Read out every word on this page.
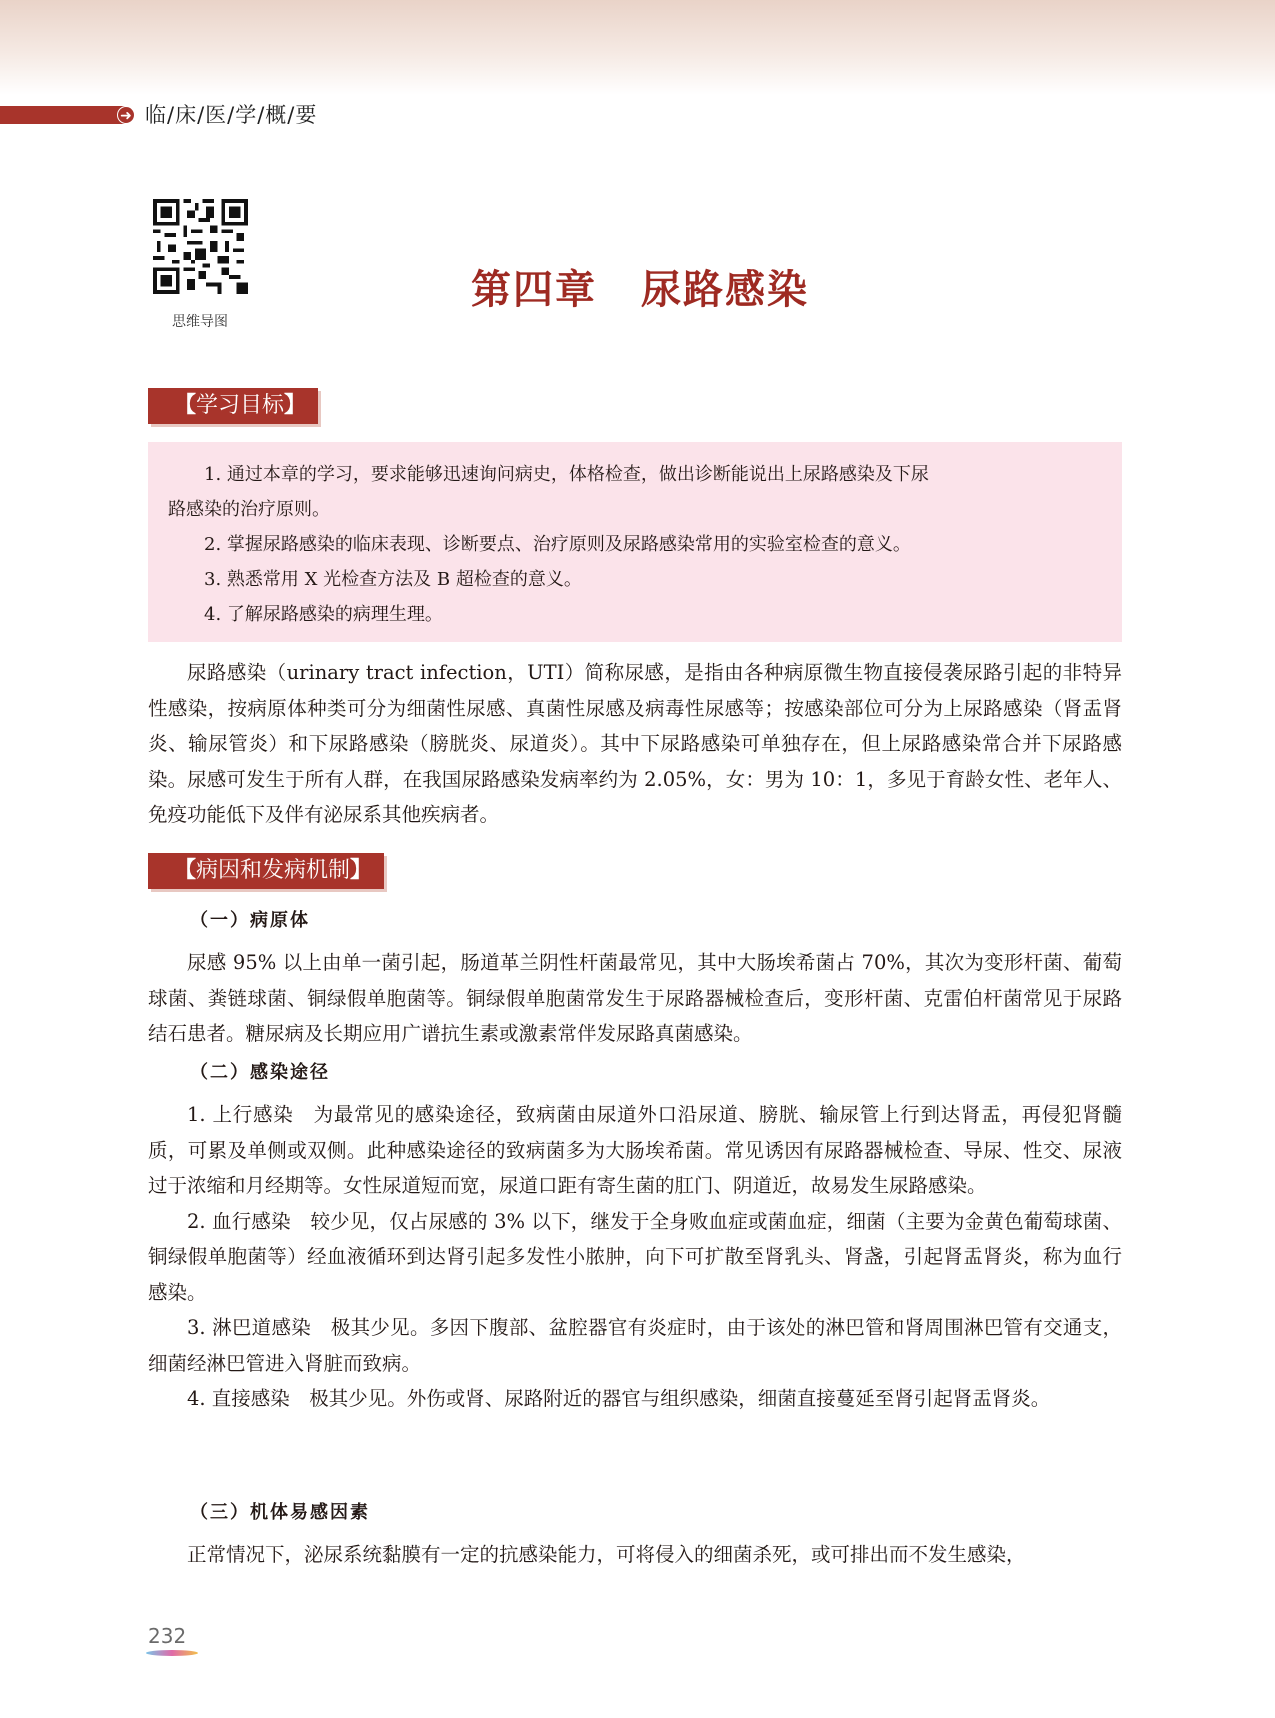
➜ 临/床/医/学/概/要
思维导图
第四章 尿路感染
【学习目标】

1. 通过本章的学习，要求能够迅速询问病史，体格检查，做出诊断能说出上尿路感染及下尿

路感染的治疗原则。

2. 掌握尿路感染的临床表现、诊断要点、治疗原则及尿路感染常用的实验室检查的意义。

3. 熟悉常用 X 光检查方法及 B 超检查的意义。

4. 了解尿路感染的病理生理。

尿路感染（urinary tract infection，UTI）简称尿感，是指由各种病原微生物直接侵袭尿路引起的非特异性感染，按病原体种类可分为细菌性尿感、真菌性尿感及病毒性尿感等；按感染部位可分为上尿路感染（肾盂肾炎、输尿管炎）和下尿路感染（膀胱炎、尿道炎）。其中下尿路感染可单独存在，但上尿路感染常合并下尿路感染。尿感可发生于所有人群，在我国尿路感染发病率约为 2.05%，女：男为 10：1，多见于育龄女性、老年人、免疫功能低下及伴有泌尿系其他疾病者。

【病因和发病机制】
（一）病原体

尿感 95% 以上由单一菌引起，肠道革兰阴性杆菌最常见，其中大肠埃希菌占 70%，其次为变形杆菌、葡萄球菌、粪链球菌、铜绿假单胞菌等。铜绿假单胞菌常发生于尿路器械检查后，变形杆菌、克雷伯杆菌常见于尿路结石患者。糖尿病及长期应用广谱抗生素或激素常伴发尿路真菌感染。

（二）感染途径

1. 上行感染　为最常见的感染途径，致病菌由尿道外口沿尿道、膀胱、输尿管上行到达肾盂，再侵犯肾髓质，可累及单侧或双侧。此种感染途径的致病菌多为大肠埃希菌。常见诱因有尿路器械检查、导尿、性交、尿液过于浓缩和月经期等。女性尿道短而宽，尿道口距有寄生菌的肛门、阴道近，故易发生尿路感染。

2. 血行感染　较少见，仅占尿感的 3% 以下，继发于全身败血症或菌血症，细菌（主要为金黄色葡萄球菌、铜绿假单胞菌等）经血液循环到达肾引起多发性小脓肿，向下可扩散至肾乳头、肾盏，引起肾盂肾炎，称为血行感染。

3. 淋巴道感染　极其少见。多因下腹部、盆腔器官有炎症时，由于该处的淋巴管和肾周围淋巴管有交通支，细菌经淋巴管进入肾脏而致病。

4. 直接感染　极其少见。外伤或肾、尿路附近的器官与组织感染，细菌直接蔓延至肾引起肾盂肾炎。

（三）机体易感因素

正常情况下，泌尿系统黏膜有一定的抗感染能力，可将侵入的细菌杀死，或可排出而不发生感染，

232
